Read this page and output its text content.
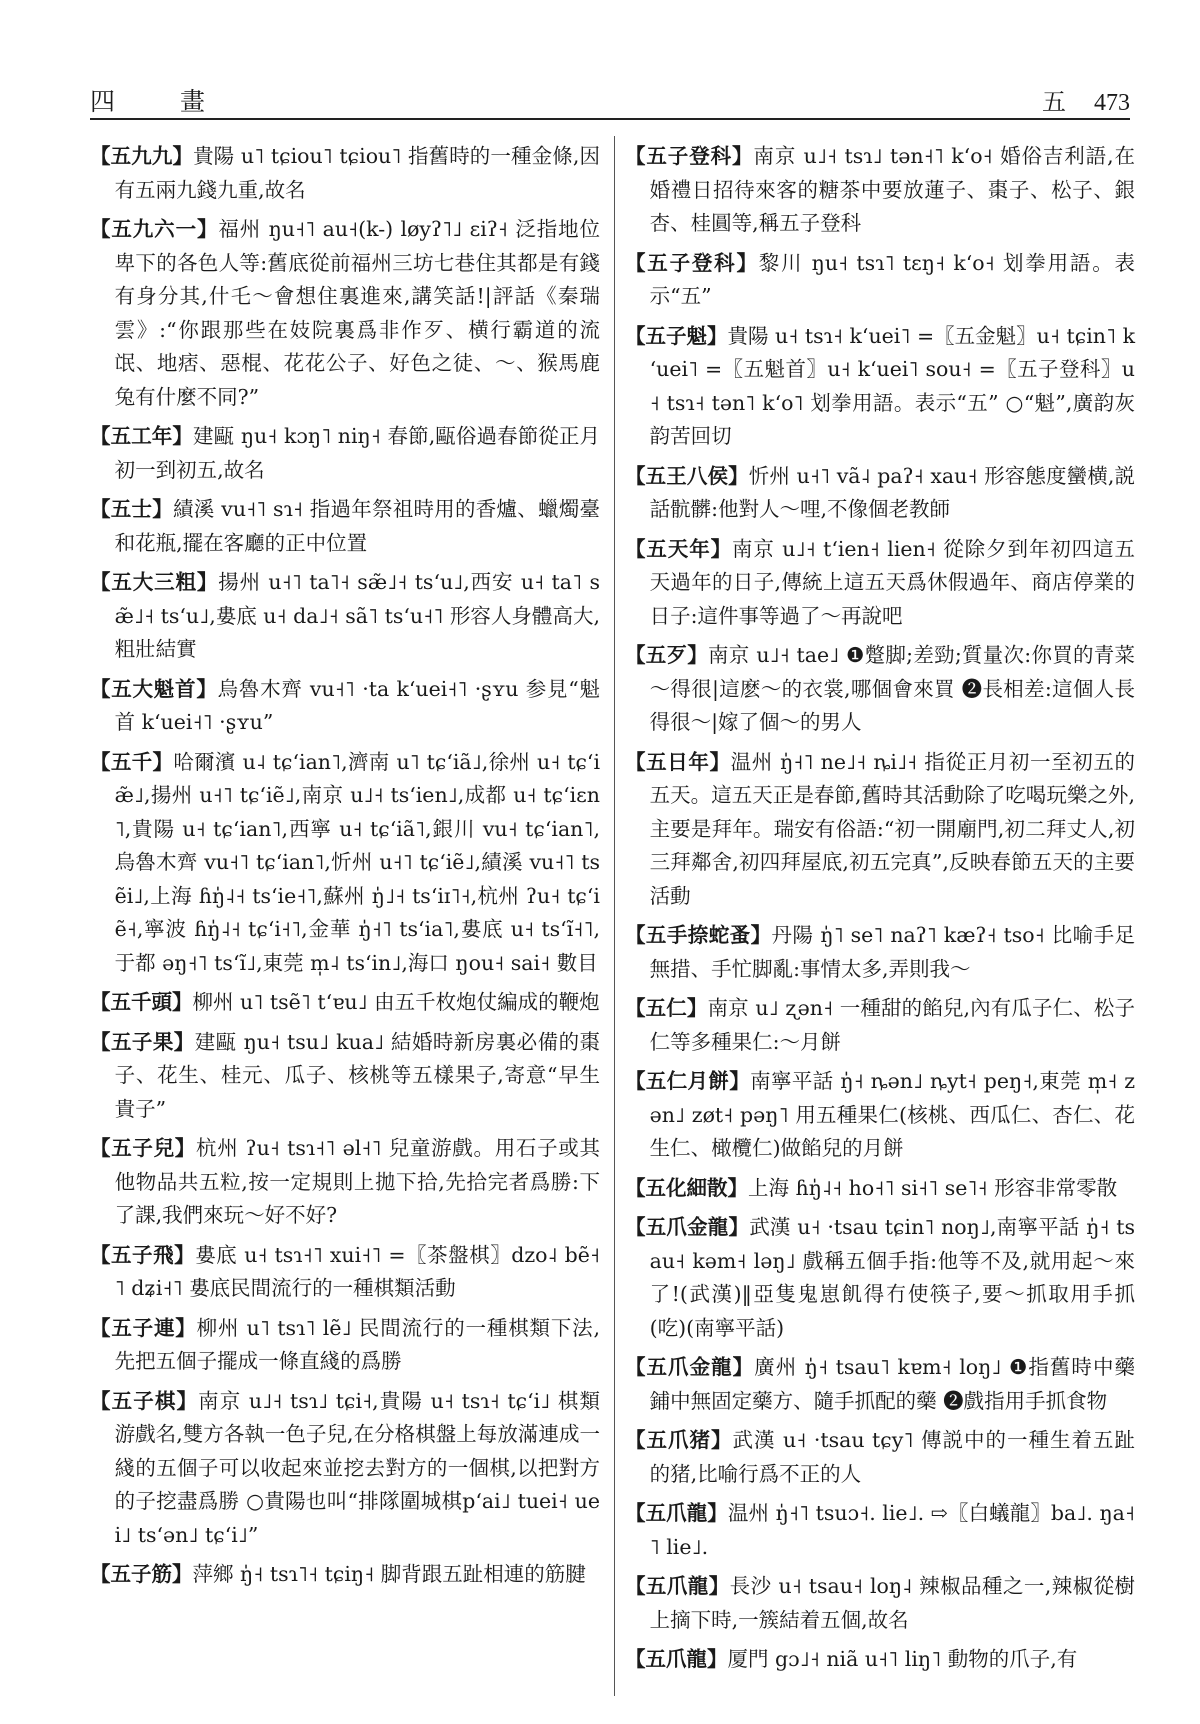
四　畫	五 473

【五九九】貴陽 u˥ tɕiou˥ tɕiou˥ 指舊時的一種金條,因有五兩九錢九重,故名

【五九六一】福州 ŋu˧˥ au˧(k-) løyʔ˥˩ ɛiʔ˧ 泛指地位卑下的各色人等:舊底從前福州三坊七巷住其都是有錢有身分其,什乇～會想住裏進來,講笑話!|評話《秦瑞雲》:“你跟那些在妓院裏爲非作歹、横行霸道的流氓、地痞、惡棍、花花公子、好色之徒、～、猴馬鹿兔有什麼不同?”

【五工年】建甌 ŋu˧ kɔŋ˥ niŋ˧ 春節,甌俗過春節從正月初一到初五,故名

【五士】績溪 vu˧˥ sɿ˧ 指過年祭祖時用的香爐、蠟燭臺和花瓶,擺在客廳的正中位置

【五大三粗】揚州 u˧˥ ta˥˧ sæ̃˩˧ tsʻu˩,西安 u˧ ta˥ sæ̃˩˧ tsʻu˩,婁底 u˧ da˩˧ sã˥ tsʻu˧˥ 形容人身體高大,粗壯結實

【五大魁首】烏魯木齊 vu˧˥ ·ta kʻuei˧˥ ·ʂʏu 参見“魁首 kʻuei˧˥ ·ʂʏu”

【五千】哈爾濱 u˨ tɕʻian˥,濟南 u˥ tɕʻiã˩,徐州 u˧ tɕʻiæ̃˩,揚州 u˧˥ tɕʻiẽ˩,南京 u˩˧ tsʻien˩,成都 u˧ tɕʻiɛn˥,貴陽 u˧ tɕʻian˥,西寧 u˧ tɕʻiã˥,銀川 vu˧ tɕʻian˥,烏魯木齊 vu˧˥ tɕʻian˥,忻州 u˧˥ tɕʻiẽ˩,績溪 vu˧˥ tsẽi˩,上海 ɦŋ̍˨˧ tsʻie˧˥,蘇州 ŋ̍˩˧ tsʻiɪ˥˧,杭州 ʔu˧ tɕʻiẽ˧,寧波 ɦŋ̍˨˧ tɕʻi˧˥,金華 ŋ̍˧˥ tsʻia˥,婁底 u˧ tsʻĩ˧˥,于都 əŋ˧˥ tsʻĩ˩,東莞 m̩˨ tsʻin˩,海口 ŋou˧ sai˧ 數目

【五千頭】柳州 u˥ tsẽ˥ tʻɐu˩ 由五千枚炮仗編成的鞭炮

【五子果】建甌 ŋu˧ tsu˩ kua˩ 結婚時新房裏必備的棗子、花生、桂元、瓜子、核桃等五樣果子,寄意“早生貴子”

【五子兒】杭州 ʔu˧ tsɿ˧˥ əl˧˥ 兒童游戲。用石子或其他物品共五粒,按一定規則上拋下拾,先拾完者爲勝:下了課,我們來玩～好不好?

【五子飛】婁底 u˧ tsɿ˧˥ xui˧˥ =〖茶盤棋〗dzo˨ bẽ˧˥ dʑi˧˥ 婁底民間流行的一種棋類活動

【五子連】柳州 u˥ tsɿ˥ lẽ˩ 民間流行的一種棋類下法,先把五個子擺成一條直綫的爲勝

【五子棋】南京 u˩˧ tsɿ˩ tɕi˧,貴陽 u˧ tsɿ˧ tɕʻi˩ 棋類游戲名,雙方各執一色子兒,在分格棋盤上每放滿連成一綫的五個子可以收起來並挖去對方的一個棋,以把對方的子挖盡爲勝 ○貴陽也叫“排隊圍城棋pʻai˩ tuei˧ uei˩ tsʻən˩ tɕʻi˩”

【五子筋】萍鄉 ŋ̍˧ tsɿ˥˧ tɕiŋ˧ 脚背跟五趾相連的筋腱

【五子登科】南京 u˩˧ tsɿ˩ tən˧˥ kʻo˧ 婚俗吉利語,在婚禮日招待來客的糖茶中要放蓮子、棗子、松子、銀杏、桂圓等,稱五子登科

【五子登科】黎川 ŋu˧ tsɿ˥ tɛŋ˧ kʻo˧ 划拳用語。表示“五”

【五子魁】貴陽 u˧ tsɿ˧ kʻuei˥ =〖五金魁〗u˧ tɕin˥ kʻuei˥ =〖五魁首〗u˧ kʻuei˥ sou˧ =〖五子登科〗u˧ tsɿ˧ tən˥ kʻo˥ 划拳用語。表示“五” ○“魁”,廣韵灰韵苦回切

【五王八侯】忻州 u˧˥ vã˨ paʔ˧ xau˧ 形容態度蠻横,説話骯髒:他對人～哩,不像個老教師

【五天年】南京 u˩˧ tʻien˧ lien˧ 從除夕到年初四這五天過年的日子,傳統上這五天爲休假過年、商店停業的日子:這件事等過了～再說吧

【五歹】南京 u˩˧ tae˩ ❶蹩脚;差勁;質量次:你買的青菜～得很|這麽～的衣裳,哪個會來買 ❷長相差:這個人長得很～|嫁了個～的男人

【五日年】温州 ŋ̍˧˥ ne˩˧ ȵi˩˧ 指從正月初一至初五的五天。這五天正是春節,舊時其活動除了吃喝玩樂之外,主要是拜年。瑞安有俗語:“初一開廟門,初二拜丈人,初三拜鄰舍,初四拜屋底,初五完真”,反映春節五天的主要活動

【五手捺蛇蚤】丹陽 ŋ̍˥ se˥ naʔ˥ kæʔ˧ tso˧ 比喻手足無措、手忙脚亂:事情太多,弄則我～

【五仁】南京 u˩ ʐən˧ 一種甜的餡兒,內有瓜子仁、松子仁等多種果仁:～月餅

【五仁月餅】南寧平話 ŋ̍˧ ȵən˩ ȵyt˧ peŋ˧,東莞 m̩˧ zən˩ zøt˧ pəŋ˥ 用五種果仁(核桃、西瓜仁、杏仁、花生仁、橄欖仁)做餡兒的月餅

【五化細散】上海 ɦŋ̍˨˧ ho˧˥ si˧˥ se˥˧ 形容非常零散

【五爪金龍】武漢 u˧ ·tsau tɕin˥ noŋ˩,南寧平話 ŋ̍˧ tsau˧ kəm˧ ləŋ˩ 戲稱五個手指:他等不及,就用起～來了!(武漢)‖亞隻鬼崽飢得冇使筷子,要～抓取用手抓(吃)(南寧平話)

【五爪金龍】廣州 ŋ̍˧ tsau˥ kɐm˧ loŋ˩ ❶指舊時中藥鋪中無固定藥方、隨手抓配的藥 ❷戲指用手抓食物

【五爪猪】武漢 u˧ ·tsau tɕy˥ 傳説中的一種生着五趾的猪,比喻行爲不正的人

【五爪龍】温州 ŋ̍˧˥ tsuɔ˧. lie˩. ⇨〖白蟻龍〗ba˩. ŋa˧˥ lie˩.

【五爪龍】長沙 u˧ tsau˧ loŋ˨ 辣椒品種之一,辣椒從樹上摘下時,一簇結着五個,故名

【五爪龍】厦門 gɔ˩˧ niã u˧˥ liŋ˥ 動物的爪子,有
